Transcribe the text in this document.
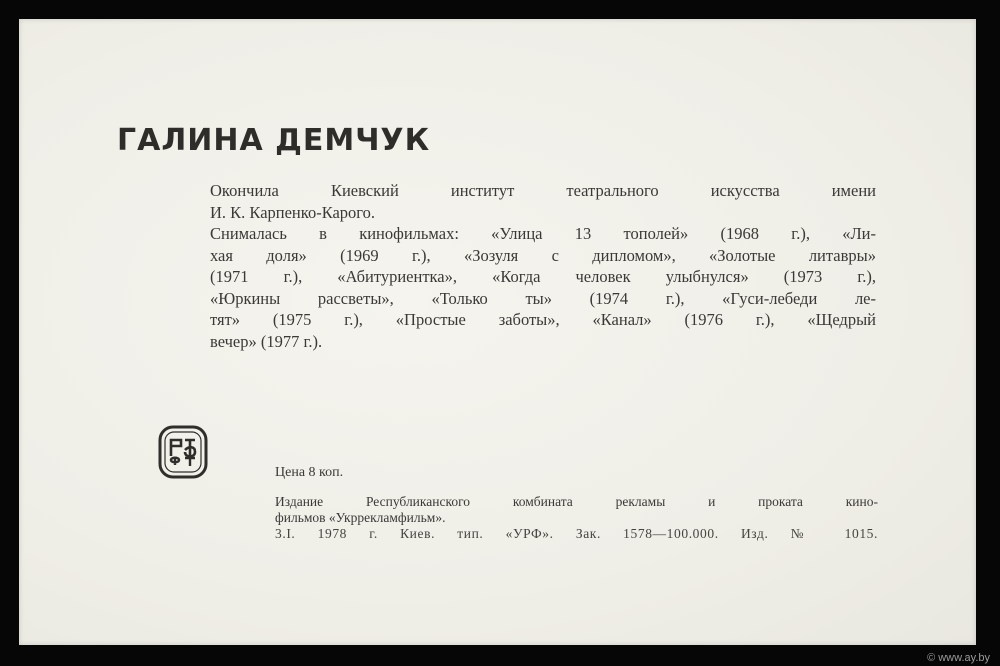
ГАЛИНА ДЕМЧУК
Окончила Киевский институт театрального искусства имени
И. К. Карпенко-Карого.
Снималась в кинофильмах: «Улица 13 тополей» (1968 г.), «Ли-
хая доля» (1969 г.), «Зозуля с дипломом», «Золотые литавры»
(1971 г.), «Абитуриентка», «Когда человек улыбнулся» (1973 г.),
«Юркины рассветы», «Только ты» (1974 г.), «Гуси-лебеди ле-
тят» (1975 г.), «Простые заботы», «Канал» (1976 г.), «Щедрый
вечер» (1977 г.).
Цена 8 коп.
Издание Республиканского комбината рекламы и проката кино-
фильмов «Укррекламфильм».
3.I. 1978 г. Киев. тип. «УРФ». Зак. 1578—100.000. Изд. № 1015.
© www.ay.by
